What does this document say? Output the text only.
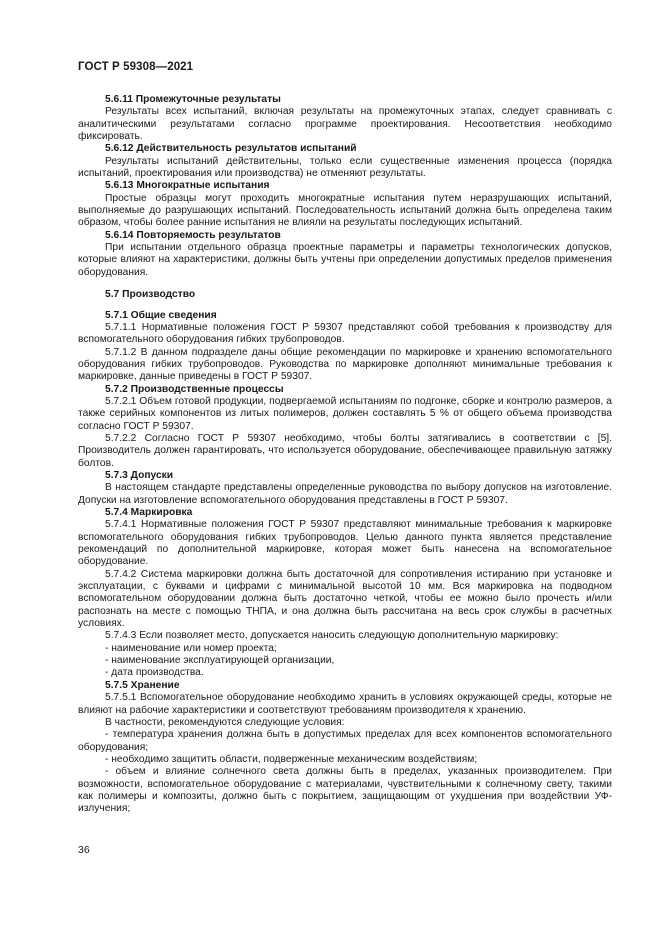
ГОСТ Р 59308—2021

5.6.11 Промежуточные результаты

Результаты всех испытаний, включая результаты на промежуточных этапах, следует сравнивать с аналитическими результатами согласно программе проектирования. Несоответствия необходимо фиксировать.

5.6.12 Действительность результатов испытаний

Результаты испытаний действительны, только если существенные изменения процесса (порядка испытаний, проектирования или производства) не отменяют результаты.

5.6.13 Многократные испытания

Простые образцы могут проходить многократные испытания путем неразрушающих испытаний, выполняемые до разрушающих испытаний. Последовательность испытаний должна быть определена таким образом, чтобы более ранние испытания не влияли на результаты последующих испытаний.

5.6.14 Повторяемость результатов

При испытании отдельного образца проектные параметры и параметры технологических допусков, которые влияют на характеристики, должны быть учтены при определении допустимых пределов применения оборудования.

5.7 Производство

5.7.1 Общие сведения

5.7.1.1 Нормативные положения ГОСТ Р 59307 представляют собой требования к производству для вспомогательного оборудования гибких трубопроводов.

5.7.1.2 В данном подразделе даны общие рекомендации по маркировке и хранению вспомогательного оборудования гибких трубопроводов. Руководства по маркировке дополняют минимальные требования к маркировке, данные приведены в ГОСТ Р 59307.

5.7.2 Производственные процессы

5.7.2.1 Объем готовой продукции, подвергаемой испытаниям по подгонке, сборке и контролю размеров, а также серийных компонентов из литых полимеров, должен составлять 5 % от общего объема производства согласно ГОСТ Р 59307.

5.7.2.2 Согласно ГОСТ Р 59307 необходимо, чтобы болты затягивались в соответствии с [5]. Производитель должен гарантировать, что используется оборудование, обеспечивающее правильную затяжку болтов.

5.7.3 Допуски

В настоящем стандарте представлены определенные руководства по выбору допусков на изготовление. Допуски на изготовление вспомогательного оборудования представлены в ГОСТ Р 59307.

5.7.4 Маркировка

5.7.4.1 Нормативные положения ГОСТ Р 59307 представляют минимальные требования к маркировке вспомогательного оборудования гибких трубопроводов. Целью данного пункта является представление рекомендаций по дополнительной маркировке, которая может быть нанесена на вспомогательное оборудование.

5.7.4.2 Система маркировки должна быть достаточной для сопротивления истиранию при установке и эксплуатации, с буквами и цифрами с минимальной высотой 10 мм. Вся маркировка на подводном вспомогательном оборудовании должна быть достаточно четкой, чтобы ее можно было прочесть и/или распознать на месте с помощью ТНПА, и она должна быть рассчитана на весь срок службы в расчетных условиях.

5.7.4.3 Если позволяет место, допускается наносить следующую дополнительную маркировку:

- наименование или номер проекта;

- наименование эксплуатирующей организации,

- дата производства.

5.7.5 Хранение

5.7.5.1 Вспомогательное оборудование необходимо хранить в условиях окружающей среды, которые не влияют на рабочие характеристики и соответствуют требованиям производителя к хранению.

В частности, рекомендуются следующие условия:

- температура хранения должна быть в допустимых пределах для всех компонентов вспомогательного оборудования;

- необходимо защитить области, подверженные механическим воздействиям;

- объем и влияние солнечного света должны быть в пределах, указанных производителем. При возможности, вспомогательное оборудование с материалами, чувствительными к солнечному свету, такими как полимеры и композиты, должно быть с покрытием, защищающим от ухудшения при воздействии УФ-излучения;

36
